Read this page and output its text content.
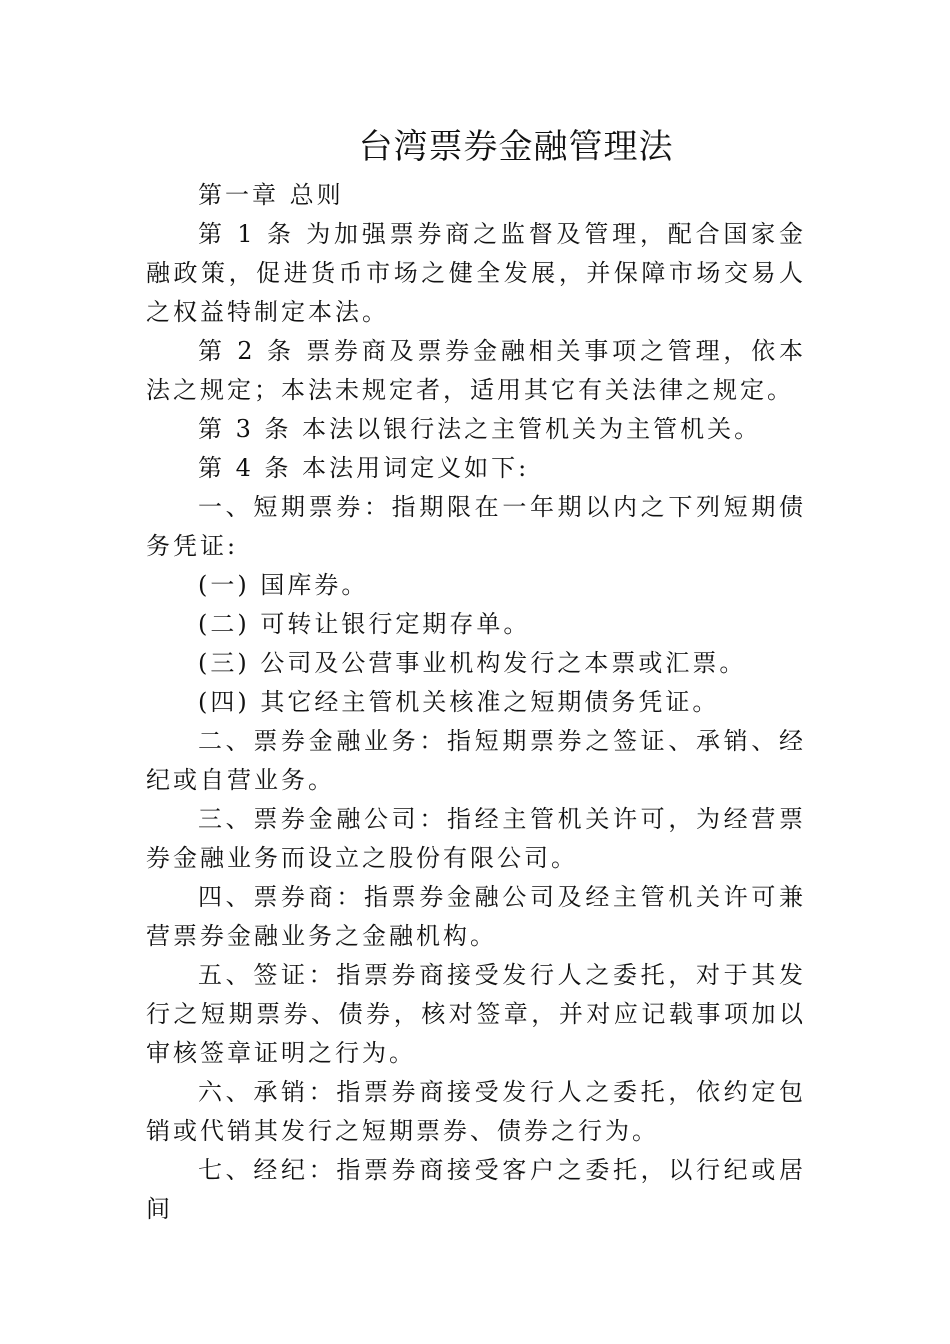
台湾票券金融管理法

第一章 总则

第 1 条 为加强票券商之监督及管理，配合国家金融政策，促进货币市场之健全发展，并保障市场交易人之权益特制定本法。

第 2 条 票券商及票券金融相关事项之管理，依本法之规定；本法未规定者，适用其它有关法律之规定。

第 3 条 本法以银行法之主管机关为主管机关。

第 4 条 本法用词定义如下:

一、短期票券：指期限在一年期以内之下列短期债务凭证:

(一) 国库券。

(二) 可转让银行定期存单。

(三) 公司及公营事业机构发行之本票或汇票。

(四) 其它经主管机关核准之短期债务凭证。

二、票券金融业务：指短期票券之签证、承销、经纪或自营业务。

三、票券金融公司：指经主管机关许可，为经营票券金融业务而设立之股份有限公司。

四、票券商：指票券金融公司及经主管机关许可兼营票券金融业务之金融机构。

五、签证：指票券商接受发行人之委托，对于其发行之短期票券、债券，核对签章，并对应记载事项加以审核签章证明之行为。

六、承销：指票券商接受发行人之委托，依约定包销或代销其发行之短期票券、债券之行为。

七、经纪：指票券商接受客户之委托，以行纪或居间
